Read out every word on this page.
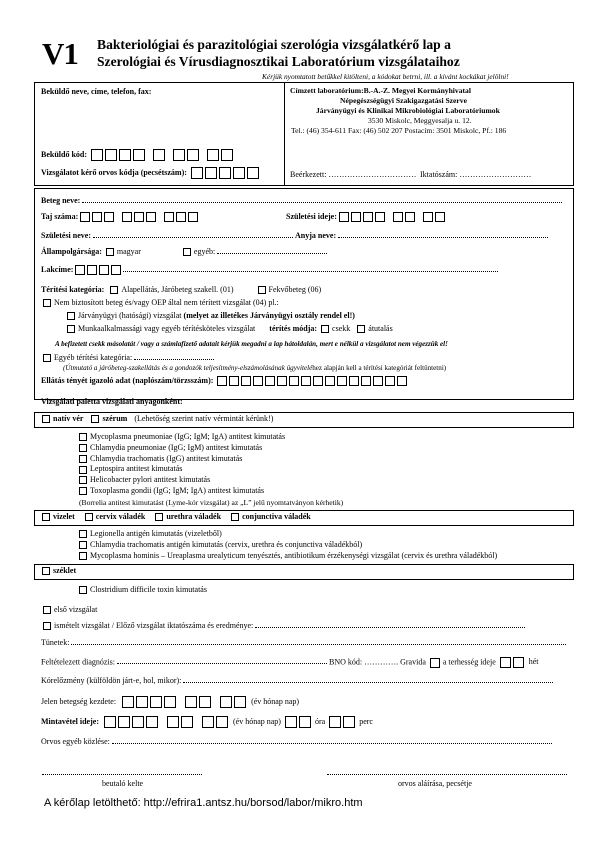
V1 Bakteriológiai és parazitológiai szerológia vizsgálatkérő lap a
Szerológiai és Vírusdiagnosztikai Laboratórium vizsgálataihoz
Kérjük nyomtatott betűkkel kitölteni, a kódokat betrni, ill. a kívánt kockákat jelölni!
Beküldő neve, címe, telefon, fax:
Beküldő kód:
Vizsgálatot kérő orvos kódja (pecsétszám):
Címzett laboratórium:B.-A.-Z. Megyei Kormányhivatal
Népegészségügyi Szakigazgatási Szerve
Járványügyi és Klinikai Mikrobiológiai Laboratóriumok
3530 Miskolc, Meggyesalja u. 12.
Tel.: (46) 354-611 Fax: (46) 502 207 Postacím: 3501 Miskolc, Pf.: 186
Beérkezett: …………………………… Iktatószám: ………………………
Beteg neve:
Taj száma:	Születési ideje:
Születési neve:	Anyja neve:
Állampolgársága: magyar	egyéb:
Lakcíme:

Térítési kategória: Alapellátás, Járóbeteg szakell. (01)	Fekvőbeteg (06)
Nem biztosított beteg és/vagy OEP által nem térített vizsgálat (04) pl.:
Járványügyi (hatósági) vizsgálat (melyet az illetékes Járványügyi osztály rendel el!)
Munkaalkalmassági vagy egyéb térítésköteles vizsgálat térítés módja: csekk átutalás
A befizetett csekk másolatát / vagy a számlafizető adatait kérjük megadni a lap hátoldalán, mert e nélkül a vizsgálatot nem végezzük el!
Egyéb térítési kategória:
(Útmutató a járóbeteg-szakellátás és a gondozók teljesítmény-elszámolásának ügyviteléhez alapján kell a térítési kategóriát feltüntetni)
Ellátás tényét igazoló adat (naplószám/törzsszám):
Vizsgálati paletta vizsgálati anyagonként:
natív vér szérum (Lehetőség szerint natív vérmintát kérünk!)
Mycoplasma pneumoniae (IgG; IgM; IgA) antitest kimutatás
Chlamydia pneumoniae (IgG; IgM) antitest kimutatás
Chlamydia trachomatis (IgG) antitest kimutatás
Leptospira antitest kimutatás
Helicobacter pylori antitest kimutatás
Toxoplasma gondii (IgG; IgM; IgA) antitest kimutatás
(Borrelia antitest kimutatást (Lyme-kór vizsgálat) az „L” jelű nyomtatványon kérhetik)
vizelet	cervix váladék	urethra váladék	conjunctiva váladék
Legionella antigén kimutatás (vizeletből)
Chlamydia trachomatis antigén kimutatás (cervix, urethra és conjunctiva váladékból)
Mycoplasma hominis – Ureaplasma urealyticum tenyésztés, antibiotikum érzékenységi vizsgálat (cervix és urethra váladékból)
széklet
Clostridium difficile toxin kimutatás
első vizsgálat
ismételt vizsgálat / Előző vizsgálat iktatószáma és eredménye:
Tünetek:
Feltételezett diagnózis:	BNO kód: …………. Gravida a terhesség ideje	hét
Kórelőzmény (külföldön járt-e, hol, mikor):
Jelen betegség kezdete:	(év hónap nap)
Mintavétel ideje:	(év hónap nap)	óra	perc
Orvos egyéb közlése:
beutaló kelte	orvos aláírása, pecsétje
A kérőlap letölthető: http://efrira1.antsz.hu/borsod/labor/mikro.htm
